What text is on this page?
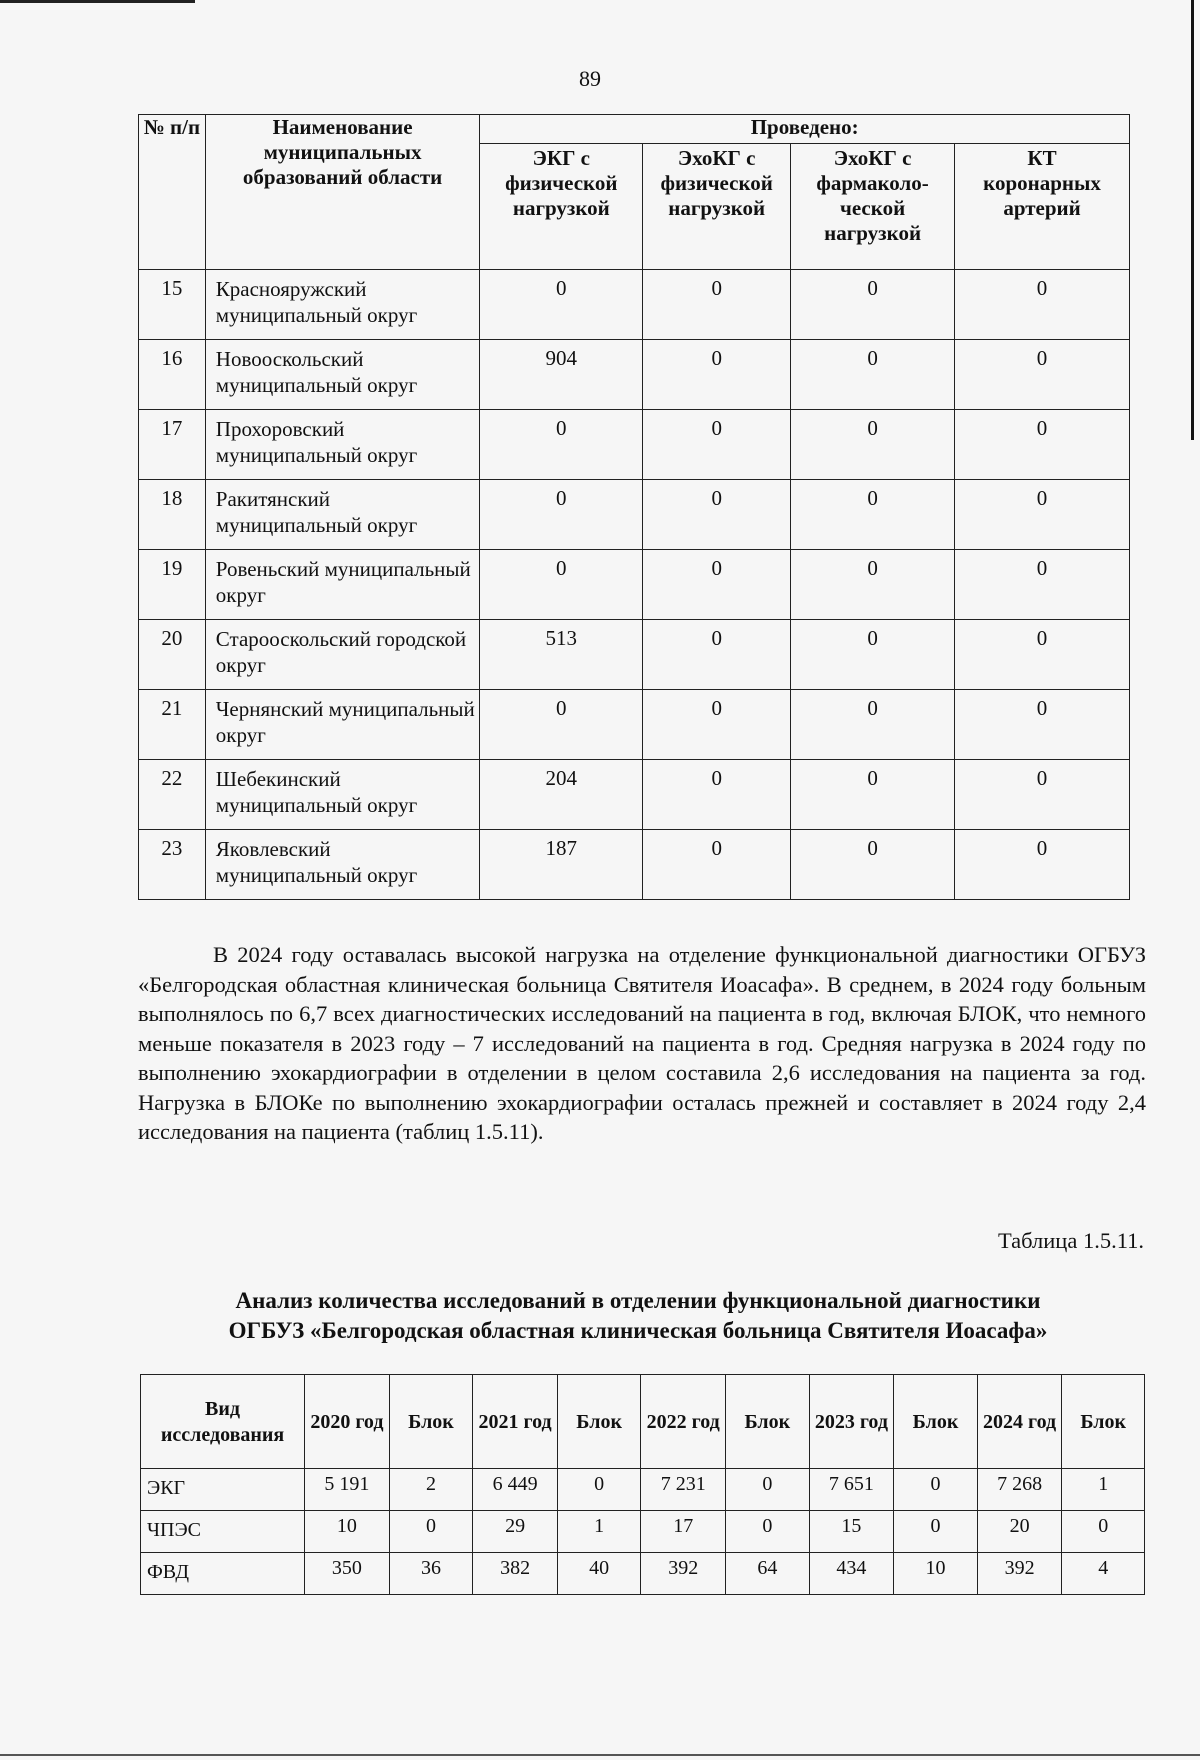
89
№ п/п	Наименование муниципальных образований области	Проведено:			
		ЭКГ с физической нагрузкой	ЭхоКГ с физической нагрузкой	ЭхоКГ с фармаколо-ческой нагрузкой	КТ коронарных артерий
15	Краснояружский муниципальный округ	0	0	0	0
16	Новооскольский муниципальный округ	904	0	0	0
17	Прохоровский муниципальный округ	0	0	0	0
18	Ракитянский муниципальный округ	0	0	0	0
19	Ровеньский муниципальный округ	0	0	0	0
20	Старооскольский городской округ	513	0	0	0
21	Чернянский муниципальный округ	0	0	0	0
22	Шебекинский муниципальный округ	204	0	0	0
23	Яковлевский муниципальный округ	187	0	0	0
В 2024 году оставалась высокой нагрузка на отделение функциональной диагностики ОГБУЗ «Белгородская областная клиническая больница Святителя Иоасафа». В среднем, в 2024 году больным выполнялось по 6,7 всех диагностических исследований на пациента в год, включая БЛОК, что немного меньше показателя в 2023 году – 7 исследований на пациента в год. Средняя нагрузка в 2024 году по выполнению эхокардиографии в отделении в целом составила 2,6 исследования на пациента за год. Нагрузка в БЛОКе по выполнению эхокардиографии осталась прежней и составляет в 2024 году 2,4 исследования на пациента (таблиц 1.5.11).
Таблица 1.5.11.
Анализ количества исследований в отделении функциональной диагностики
ОГБУЗ «Белгородская областная клиническая больница Святителя Иоасафа»
Вид исследования	2020 год	Блок	2021 год	Блок	2022 год	Блок	2023 год	Блок	2024 год	Блок
ЭКГ	5 191	2	6 449	0	7 231	0	7 651	0	7 268	1
ЧПЭС	10	0	29	1	17	0	15	0	20	0
ФВД	350	36	382	40	392	64	434	10	392	4
